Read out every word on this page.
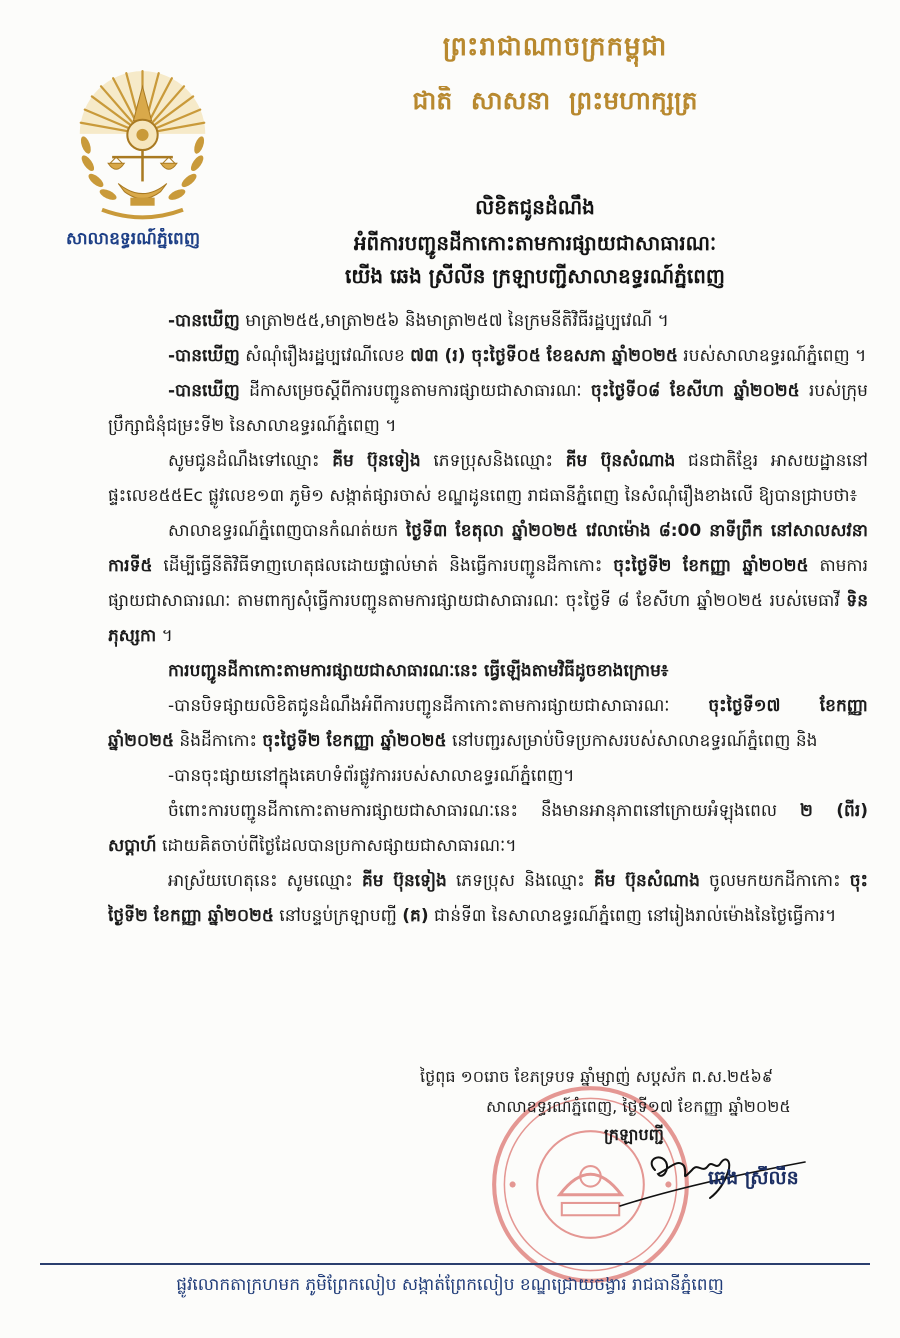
សាលាឧទ្ធរណ៍ភ្នំពេញ
ព្រះរាជាណាចក្រកម្ពុជា
ជាតិ សាសនា ព្រះមហាក្សត្រ
លិខិតជូនដំណឹង
អំពីការបញ្ជូនដីកាកោះតាមការផ្សាយជាសាធារណៈ
យើង ឆេង ស្រីលីន ក្រឡាបញ្ជីសាលាឧទ្ធរណ៍ភ្នំពេញ

-បានឃើញ មាត្រា២៥៥,មាត្រា២៥៦ និងមាត្រា២៥៧ នៃក្រមនីតិវិធីរដ្ឋប្បវេណី ។

-បានឃើញ សំណុំរឿងរដ្ឋប្បវេណីលេខ ៧៣ (រ) ចុះថ្ងៃទី០៥ ខែឧសភា ឆ្នាំ២០២៥ របស់សាលាឧទ្ធរណ៍ភ្នំពេញ ។

-បានឃើញ ដីកាសម្រេចស្ដីពីការបញ្ជូនតាមការផ្សាយជាសាធារណៈ ចុះថ្ងៃទី០៨ ខែសីហា ឆ្នាំ២០២៥ របស់ក្រុមប្រឹក្សាជំនុំជម្រះទី២ នៃសាលាឧទ្ធរណ៍ភ្នំពេញ ។

សូមជូនដំណឹងទៅឈ្មោះ គីម ប៊ុនទៀង ភេទប្រុសនិងឈ្មោះ គីម ប៊ុនសំណាង ជនជាតិខ្មែរ អាសយដ្ឋាននៅផ្ទះលេខ៥៥Ec ផ្លូវលេខ១៣ ភូមិ១ សង្កាត់ផ្សារចាស់ ខណ្ឌដូនពេញ រាជធានីភ្នំពេញ នៃសំណុំរឿងខាងលើ ឱ្យបានជ្រាបថា៖

សាលាឧទ្ធរណ៍ភ្នំពេញបានកំណត់យក ថ្ងៃទី៣ ខែតុលា ឆ្នាំ២០២៥ វេលាម៉ោង ៨:00 នាទីព្រឹក នៅសាលសវនាការទី៥ ដើម្បីធ្វើនីតិវិធីទាញហេតុផលដោយផ្ទាល់មាត់ និងធ្វើការបញ្ជូនដីកាកោះ ចុះថ្ងៃទី២ ខែកញ្ញា ឆ្នាំ២០២៥ តាមការផ្សាយជាសាធារណៈ តាមពាក្យសុំធ្វើការបញ្ជូនតាមការផ្សាយជាសាធារណៈ ចុះថ្ងៃទី ៨ ខែសីហា ឆ្នាំ២០២៥ របស់មេធាវី ទិន ភុស្សកា ។

ការបញ្ជូនដីកាកោះតាមការផ្សាយជាសាធារណៈនេះ ធ្វើឡើងតាមវិធីដូចខាងក្រោម៖

-បានបិទផ្សាយលិខិតជូនដំណឹងអំពីការបញ្ជូនដីកាកោះតាមការផ្សាយជាសាធារណៈ ចុះថ្ងៃទី១៧ ខែកញ្ញា ឆ្នាំ២០២៥ និងដីកាកោះ ចុះថ្ងៃទី២ ខែកញ្ញា ឆ្នាំ២០២៥ នៅបញ្ជរសម្រាប់បិទប្រកាសរបស់សាលាឧទ្ធរណ៍ភ្នំពេញ និង

-បានចុះផ្សាយនៅក្នុងគេហទំព័រផ្លូវការរបស់សាលាឧទ្ធរណ៍ភ្នំពេញ។

ចំពោះការបញ្ជូនដីកាកោះតាមការផ្សាយជាសាធារណៈនេះ នឹងមានអានុភាពនៅក្រោយអំឡុងពេល ២ (ពីរ) សប្ដាហ៍ ដោយគិតចាប់ពីថ្ងៃដែលបានប្រកាសផ្សាយជាសាធារណៈ។

អាស្រ័យហេតុនេះ សូមឈ្មោះ គីម ប៊ុនទៀង ភេទប្រុស និងឈ្មោះ គីម ប៊ុនសំណាង ចូលមកយកដីកាកោះ ចុះថ្ងៃទី២ ខែកញ្ញា ឆ្នាំ២០២៥ នៅបន្ទប់ក្រឡាបញ្ជី (គ) ជាន់ទី៣ នៃសាលាឧទ្ធរណ៍ភ្នំពេញ នៅរៀងរាល់ម៉ោងនៃថ្ងៃធ្វើការ។

ថ្ងៃពុធ ១០រោច ខែភទ្របទ ឆ្នាំម្សាញ់ សប្តស័ក ព.ស.២៥៦៩
សាលាឧទ្ធរណ៍ភ្នំពេញ, ថ្ងៃទី១៧ ខែកញ្ញា ឆ្នាំ២០២៥
ក្រឡាបញ្ជី
ឆេង ស្រីលីន
ផ្លូវលោកតាក្រហមក ភូមិព្រែកលៀប សង្កាត់ព្រែកលៀប ខណ្ឌជ្រោយចង្វារ រាជធានីភ្នំពេញ
